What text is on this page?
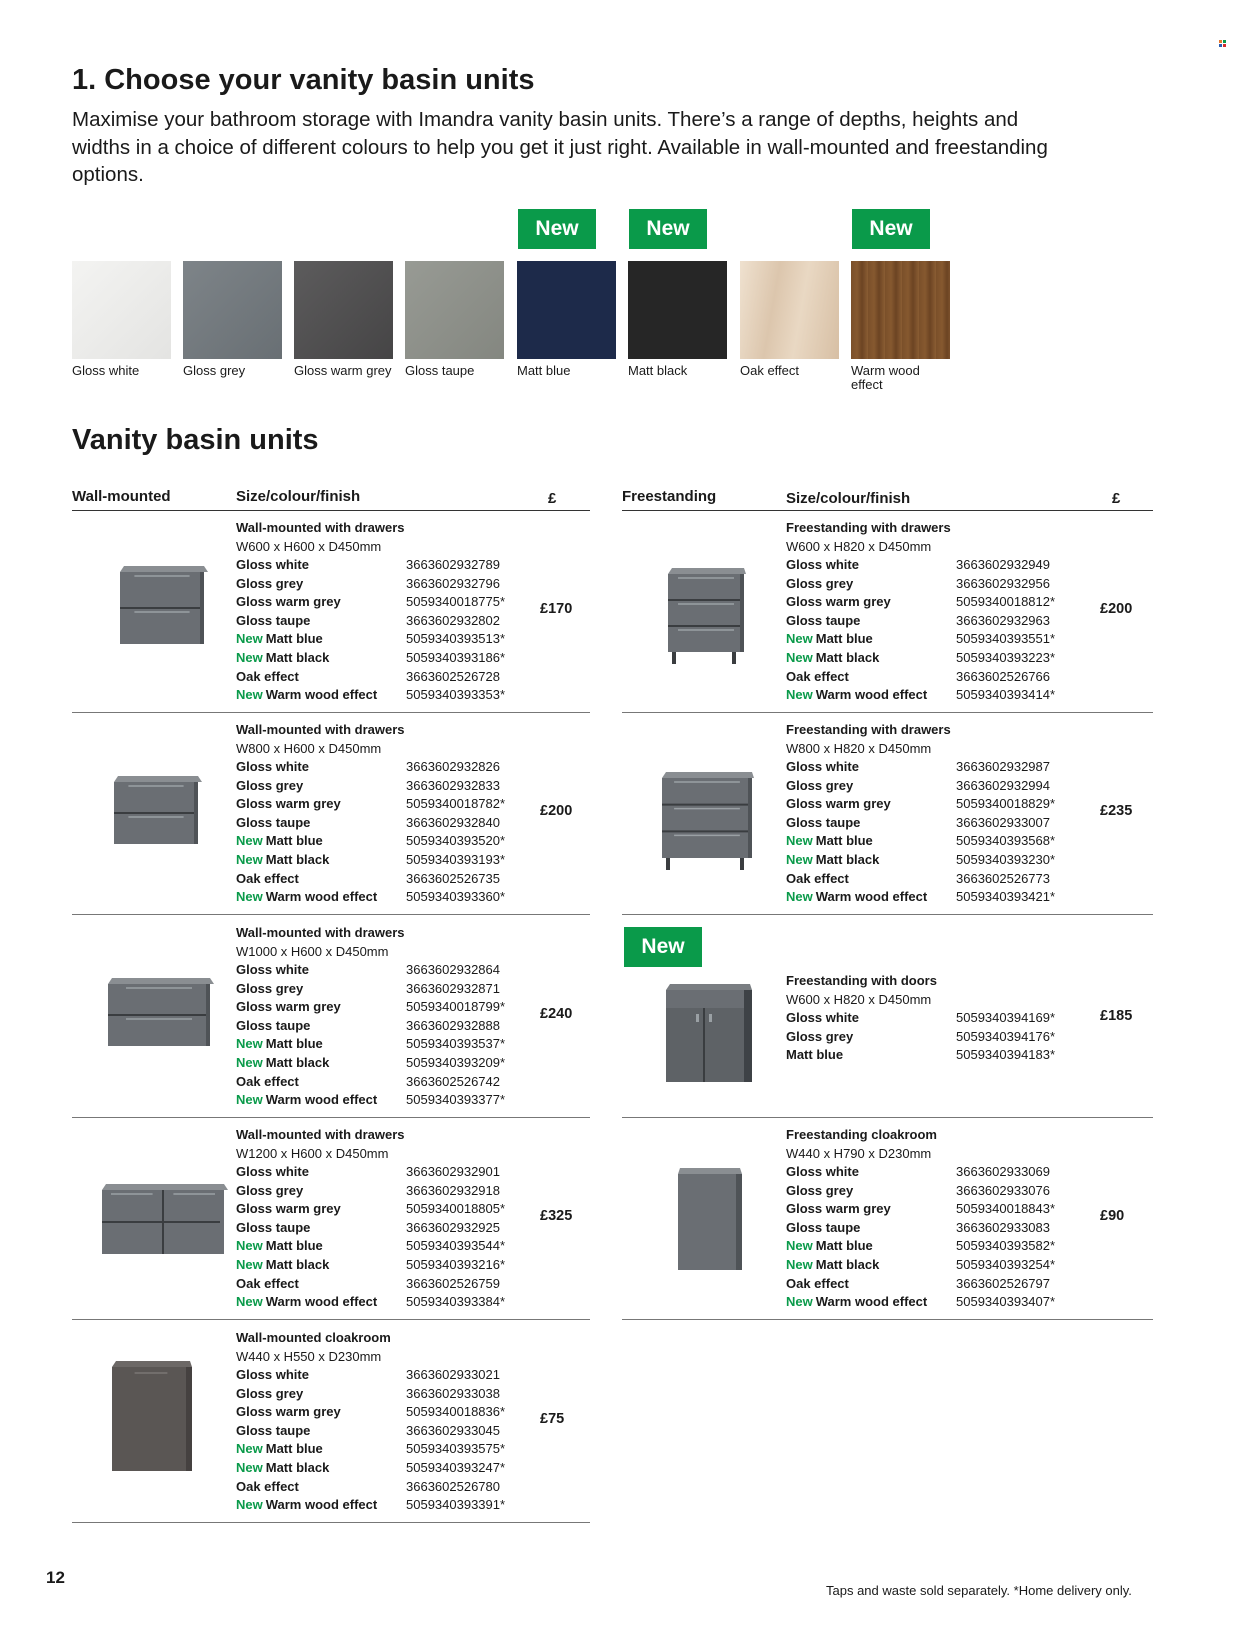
1. Choose your vanity basin units

Maximise your bathroom storage with Imandra vanity basin units. There’s a range of depths, heights and widths in a choice of different colours to help you get it just right. Available in wall-mounted and freestanding options.

Gloss white	Gloss grey	Gloss warm grey Gloss taupe
New
Matt blue
New
Matt black	Oak effect
New
Warm wood effect
Vanity basin units
Wall-mounted	Size/colour/finish	£	Freestanding	Size/colour/finish	£
Wall-mounted with drawers
W600 x H600 x D450mm
Gloss white	3663602932789
Gloss grey	3663602932796
Gloss warm grey	5059340018775*
Gloss taupe	3663602932802
New Matt blue	5059340393513*
New Matt black	5059340393186*
Oak effect	3663602526728
New Warm wood effect 5059340393353*
£170
Wall-mounted with drawers
W800 x H600 x D450mm
Gloss white	3663602932826
Gloss grey	3663602932833
Gloss warm grey	5059340018782*
Gloss taupe	3663602932840
New Matt blue	5059340393520*
New Matt black	5059340393193*
Oak effect	3663602526735
New Warm wood effect 5059340393360*
£200
Wall-mounted with drawers
W1000 x H600 x D450mm
Gloss white	3663602932864
Gloss grey	3663602932871
Gloss warm grey	5059340018799*
Gloss taupe	3663602932888
New Matt blue	5059340393537*
New Matt black	5059340393209*
Oak effect	3663602526742
New Warm wood effect 5059340393377*
£240
Wall-mounted with drawers
W1200 x H600 x D450mm
Gloss white	3663602932901
Gloss grey	3663602932918
Gloss warm grey	5059340018805*
Gloss taupe	3663602932925
New Matt blue	5059340393544*
New Matt black	5059340393216*
Oak effect	3663602526759
New Warm wood effect 5059340393384*
£325
Wall-mounted cloakroom
W440 x H550 x D230mm
Gloss white	3663602933021
Gloss grey	3663602933038
Gloss warm grey	5059340018836*
Gloss taupe	3663602933045
New Matt blue	5059340393575*
New Matt black	5059340393247*
Oak effect	3663602526780
New Warm wood effect 5059340393391*
£75
Freestanding with drawers
W600 x H820 x D450mm
Gloss white	3663602932949
Gloss grey	3663602932956
Gloss warm grey	5059340018812*
Gloss taupe	3663602932963
New Matt blue	5059340393551*
New Matt black	5059340393223*
Oak effect	3663602526766
New Warm wood effect 5059340393414*
£200
Freestanding with drawers
W800 x H820 x D450mm
Gloss white	3663602932987
Gloss grey	3663602932994
Gloss warm grey	5059340018829*
Gloss taupe	3663602933007
New Matt blue	5059340393568*
New Matt black	5059340393230*
Oak effect	3663602526773
New Warm wood effect 5059340393421*
£235
Freestanding with doors
W600 x H820 x D450mm
Gloss white	5059340394169*
Gloss grey	5059340394176*
Matt blue	5059340394183*
£185
New
Freestanding cloakroom
W440 x H790 x D230mm
Gloss white	3663602933069
Gloss grey	3663602933076
Gloss warm grey	5059340018843*
Gloss taupe	3663602933083
New Matt blue	5059340393582*
New Matt black	5059340393254*
Oak effect	3663602526797
New Warm wood effect 5059340393407*
£90
12
Taps and waste sold separately. *Home delivery only.
